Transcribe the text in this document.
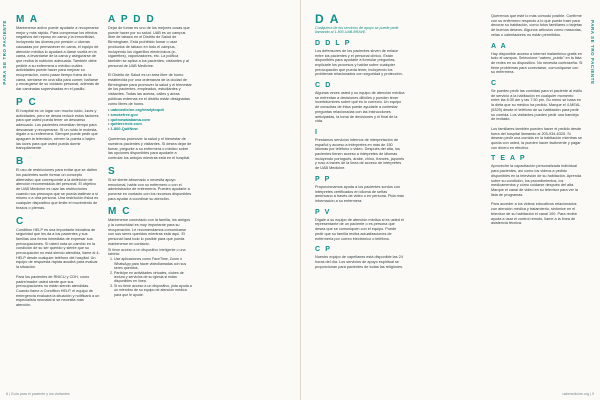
PARA SE TRO PACIENTE
M A
Mantenerse activo puede ayudarle a recuperarse mejor y más rápido. Para compensar los efectos negativos del reposo en cama y la inmovilidad, incluyendo las úlceras por presión o úlceras causadas por permanecer en cama, el equipo de atención médica lo ayudará a darse vuelta en la cama, a levantarse de la cama y asegurarse de que reciba la nutrición adecuada. También debe pedirle a su enfermera o médico cuáles actividades puede hacer para mejorar su recuperación, como pasar tiempo fuera de la cama, sentarse en una silla para comer, bañarse y encargarse de su cuidado personal, además de dar caminatas supervisadas en el pasillo.
P C
El hospital es un lugar con mucho ruido, luces y actividades, pero se desea reducir estos factores para que usted pueda tener un descanso adecuado. Los pacientes necesitan tiempo para descansar y recuperarse. Si un ruido le molesta, dígale a su enfermera. Siempre puede pedir que apaguen la televisión, cierren la puerta o bajen las luces para que usted pueda dormir tranquilamente.
B
El uso de restricciones para evitar que se dañen los pacientes suele formar un concepto alternativo que corresponde a la definición de atención recomendada del personal. El objetivo de UAB Medicine es usar las restricciones cuando nos preocupa que se pueda lastimar a sí mismo o a otra persona. Una restricción física es cualquier dispositivo que limite el movimiento de brazos o piernas.
C
Condition HELP es una importante iniciativa de seguridad que les da a los pacientes y sus familias una forma inmediata de expresar sus preocupaciones. Si usted nota un cambio en la condición de su ser querido y siente que su preocupación no está siendo atendida, llame al 4-HELP desde cualquier teléfono del hospital. Un equipo de respuesta rápida acudirá para evaluar la situación.
Para los pacientes de RNICU y CDH, como padre/madre usted siente que sus preocupaciones no están siendo atendidas. Cuando llame a Condition HELP, el equipo de emergencia evaluará la situación y notificará a un especialista neonatal si se necesita más atención.
A P D D
Dejar de fumar es uno de los mejores cosas que puede hacer por su salud. UAB es un campus libre de tabaco en el Distrito de Salud de Birmingham. Está prohibido fumar o usar productos de tabaco en todo el campus, incluyendo los cigarrillos electrónicos (e-cigarettes), vaporizadores, etc. La política también se aplica a los pacientes, visitantes y al personal de UAB Medicine.
El Distrito de Salud es un área libre de humo establecida por una ordenanza de la ciudad de Birmingham para promover la salud y el bienestar de los pacientes, empleados, estudiantes y visitantes. Todas las aceras, calles y áreas públicas externas en el distrito están designadas como libres de humo.
• uabmedicine.org/readytoquit
• smokefree.gov
• quitnowalabama.com
• quittercircle.com
• 1-800-QuitNow
Queremos promover la salud y el bienestar de nuestros pacientes y visitantes. Si desea dejar de fumar, pregunte a su enfermera o médico sobre las opciones disponibles para ayudarle a controlar los antojos mientras está en el hospital.
S
Si se siente abrumado o necesita apoyo emocional, hable con su enfermero o con el administrador de enfermería. Pueden ayudarle a ponerse en contacto con los recursos disponibles para ayudar a coordinar su atención.
M C
Mantenerse conectado con la familia, los amigos y la comunidad es muy importante para su recuperación. Le recomendamos comunicarse con sus seres queridos mientras está aquí. El personal hará todo lo posible para que pueda mantenerse en contacto.
Si tiene acceso a un dispositivo inteligente o una tableta:
1. Use aplicaciones como FaceTime, Zoom o WhatsApp para hacer videollamadas con sus seres queridos.
2. Participe en actividades virtuales, clubes de lectura y servicios de su iglesia si están disponibles en línea.
3. Si no tiene acceso a un dispositivo, pida ayuda a un miembro de su equipo de atención médica para que le ayude.
8 | Guía para el paciente y los visitantes
PARA SE TRO PACIENTE
D A
Cualquiera de los servicios de apoyo se puede pedir llamando al 1-800-UAB-BRAVE.
D D L P
Los defensores de los pacientes sirven de enlace entre los pacientes y el personal clínico. Están disponibles para ayudarle a formular preguntas, explicarle los procesos y hablar sobre cualquier preocupación que pueda tener, incluyendo los problemas relacionados con seguridad y protección.
C D
Algunas veces usted y su equipo de atención médica se enfrentan a decisiones difíciles y pueden tener incertidumbres sobre qué es lo correcto. Un equipo de consultas de ética puede ayudarle a contestar preguntas relacionadas con las instrucciones anticipadas, la toma de decisiones y el final de la vida.
I
Prestamos servicios internos de interpretación de español y acceso a intérpretes en más de 150 idiomas por teléfono o video. Después del alta, los pacientes tienen acceso a intérpretes de idiomas incluyendo portugués, árabe, chino, francés, japonés y ruso a través de la línea de acceso de intérpretes de UAB Medicine.
P P
Proporcionamos ayuda a los pacientes sordos con intérpretes certificados en idioma de señas americano a través de video o en persona. Pida más información a su enfermera.
P V
Dígale a su equipo de atención médica si es usted el representante de un paciente o es persona que desea que se comuniquen con el equipo. Puede pedir que su familia reciba actualizaciones de enfermería por correo electrónico o teléfono.
C P
Nuestro equipo de capellanes está disponible las 24 horas del día. Los servicios de apoyo espiritual se proporcionan para pacientes de todas las religiones.
Queremos que esté lo más cómodo posible. Confirme con su enfermero respecto a lo que puede traer para decorar su habitación, como fotos familiares o tarjetas de buenos deseos. Algunos artículos como mascotas, velas o calentadores no están permitidos.
A A
Hay disponible acceso a internet inalámbrico gratis en todo el campus. Seleccione “uabmc_public” en la lista de redes en su dispositivo. No necesita contraseña. Si tiene problemas para conectarse, comuníquese con su enfermera.
C
Se pueden pedir las comidas para el paciente al estilo de servicio a la habitación en cualquier momento entre las 6:30 am y las 7:30 pm. Su menú se basa en la dieta que su médico ha pedido. Marque el 4-MEAL (6325) desde el teléfono de su habitación para pedir su comida. Los visitantes pueden pedir una bandeja de invitado.
Los familiares también pueden hacer el pedido desde fuera del hospital llamando al 205-934-6325. Si desean pedir una comida en la habitación mientras se queda con usted, la pueden hacer facilmente y pagar con dinero en efectivo.
T E A P
Aproveche la capacitación personalizada individual para pacientes, así como los videos a pedido disponibles en la televisión de su habitación. Aprenda sobre su condición, los procedimientos, los medicamentos y cómo cuidarse después del alta. Marque el canal de video en su televisor para ver la lista de programas.
Para acceder a los videos educativos relacionados con atención médica y tratamiento, sintonice en el televisor de su habitación el canal 100. Para recibir ayuda a usar el control remoto, llame a la línea de asistencia técnica.
uabmedicine.org | 9
